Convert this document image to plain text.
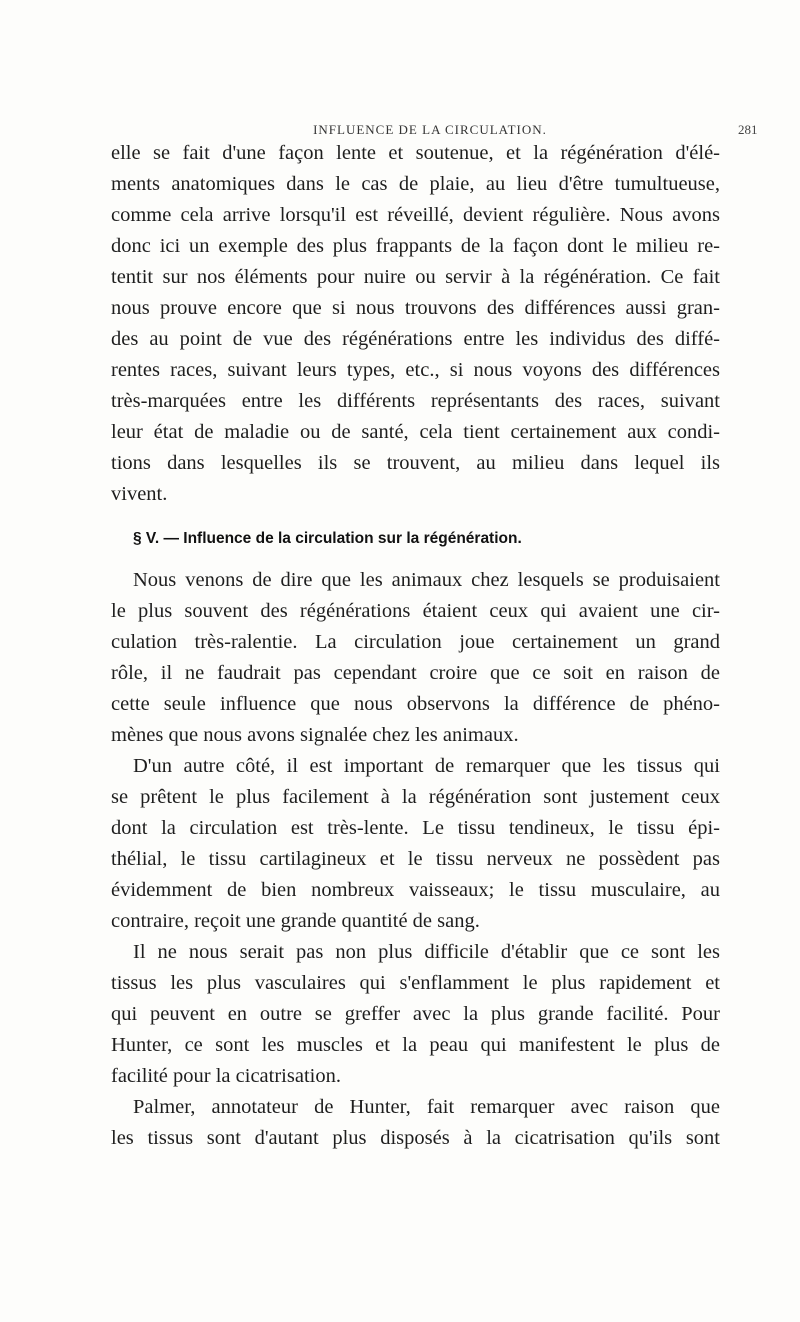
INFLUENCE DE LA CIRCULATION.	281
elle se fait d'une façon lente et soutenue, et la régénération d'élé-
ments anatomiques dans le cas de plaie, au lieu d'être tumultueuse,
comme cela arrive lorsqu'il est réveillé, devient régulière. Nous avons
donc ici un exemple des plus frappants de la façon dont le milieu re-
tentit sur nos éléments pour nuire ou servir à la régénération. Ce fait
nous prouve encore que si nous trouvons des différences aussi gran-
des au point de vue des régénérations entre les individus des diffé-
rentes races, suivant leurs types, etc., si nous voyons des différences
très-marquées entre les différents représentants des races, suivant
leur état de maladie ou de santé, cela tient certainement aux condi-
tions dans lesquelles ils se trouvent, au milieu dans lequel ils
vivent.
§ V. — Influence de la circulation sur la régénération.
Nous venons de dire que les animaux chez lesquels se produisaient
le plus souvent des régénérations étaient ceux qui avaient une cir-
culation très-ralentie. La circulation joue certainement un grand
rôle, il ne faudrait pas cependant croire que ce soit en raison de
cette seule influence que nous observons la différence de phéno-
mènes que nous avons signalée chez les animaux.
D'un autre côté, il est important de remarquer que les tissus qui
se prêtent le plus facilement à la régénération sont justement ceux
dont la circulation est très-lente. Le tissu tendineux, le tissu épi-
thélial, le tissu cartilagineux et le tissu nerveux ne possèdent pas
évidemment de bien nombreux vaisseaux; le tissu musculaire, au
contraire, reçoit une grande quantité de sang.
Il ne nous serait pas non plus difficile d'établir que ce sont les
tissus les plus vasculaires qui s'enflamment le plus rapidement et
qui peuvent en outre se greffer avec la plus grande facilité. Pour
Hunter, ce sont les muscles et la peau qui manifestent le plus de
facilité pour la cicatrisation.
Palmer, annotateur de Hunter, fait remarquer avec raison que
les tissus sont d'autant plus disposés à la cicatrisation qu'ils sont
